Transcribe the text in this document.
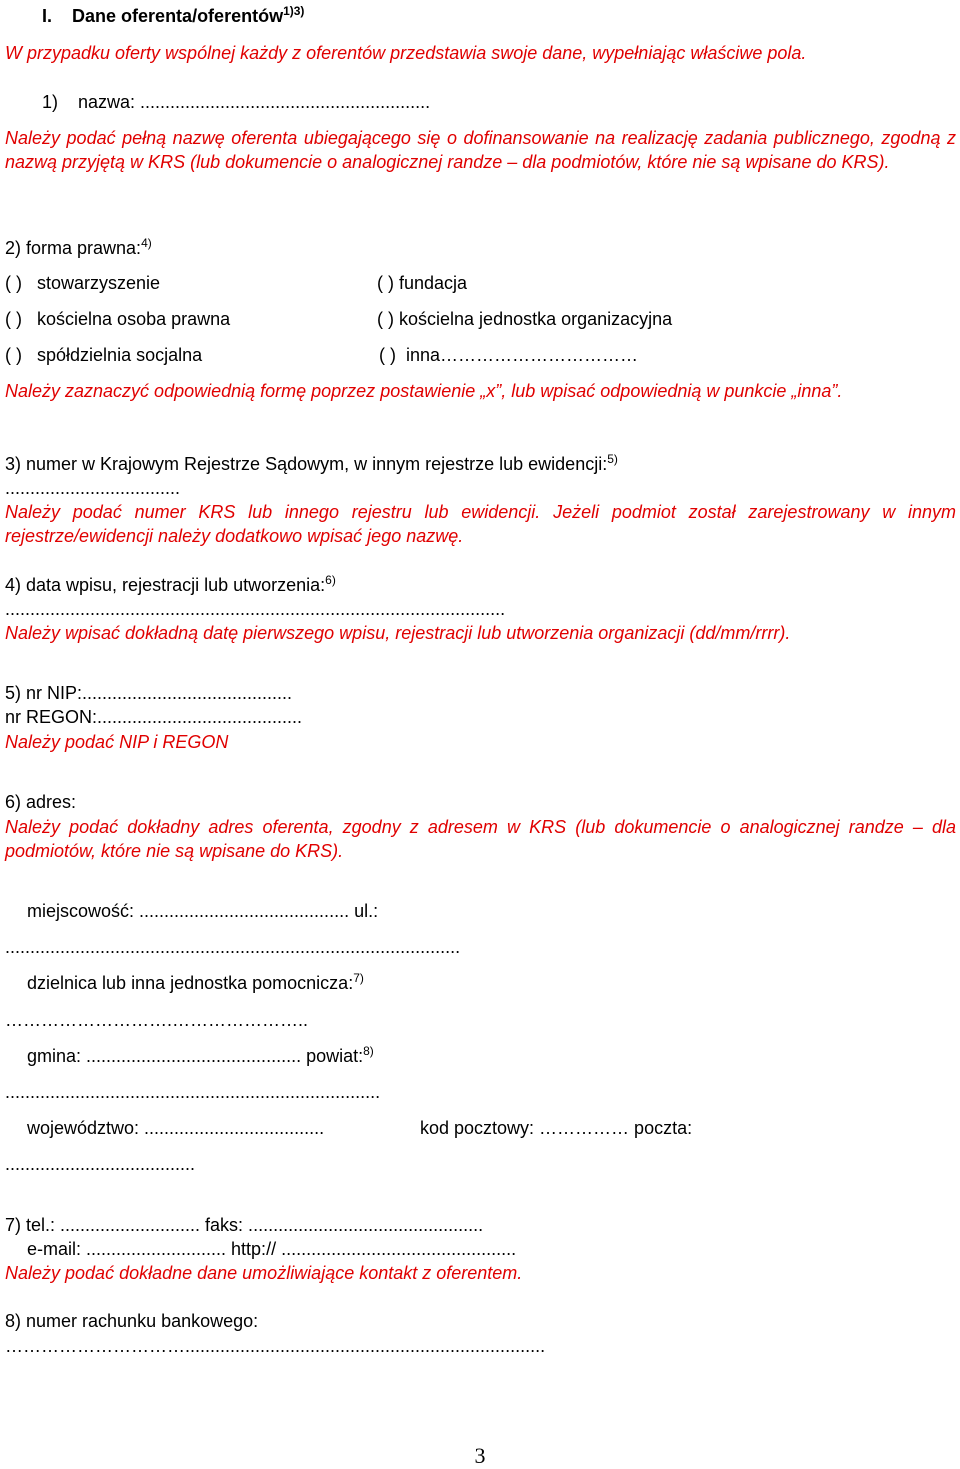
I. Dane oferenta/oferentów$^{1)3)}$
W przypadku oferty wspólnej każdy z oferentów przedstawia swoje dane, wypełniając właściwe pola.
1)    nazwa: ..........................................................
Należy podać pełną nazwę oferenta ubiegającego się o dofinansowanie na realizację zadania publicznego, zgodną z nazwą przyjętą w KRS (lub dokumencie o analogicznej randze – dla podmiotów, które nie są wpisane do KRS).
2) forma prawna:$^{4)}$
( ) stowarzyszenie	( ) fundacja
( ) kościelna osoba prawna	( ) kościelna jednostka organizacyjna
( ) spółdzielnia socjalna	( ) inna……………………………
Należy zaznaczyć odpowiednią formę poprzez postawienie „x”, lub wpisać odpowiednią w punkcie „inna”.
3) numer w Krajowym Rejestrze Sądowym, w innym rejestrze lub ewidencji:$^{5)}$
...................................
Należy podać numer KRS lub innego rejestru lub ewidencji. Jeżeli podmiot został zarejestrowany w innym rejestrze/ewidencji należy dodatkowo wpisać jego nazwę.
4) data wpisu, rejestracji lub utworzenia:$^{6)}$
....................................................................................................
Należy wpisać dokładną datę pierwszego wpisu, rejestracji lub utworzenia organizacji (dd/mm/rrrr).
5) nr NIP:..........................................
nr REGON:.........................................
Należy podać NIP i REGON
6) adres:
Należy podać dokładny adres oferenta, zgodny z adresem w KRS (lub dokumencie o analogicznej randze – dla podmiotów, które nie są wpisane do KRS).
miejscowość: .......................................... ul.:
...........................................................................................
dzielnica lub inna jednostka pomocnicza:$^{7)}$
……………………….…………………..
gmina: ........................................... powiat:$^{8)}$
...........................................................................
województwo: ....................................	kod pocztowy: …………… poczta:
......................................
7) tel.: ............................ faks: ...............................................
e-mail: ............................ http:// ...............................................
Należy podać dokładne dane umożliwiające kontakt z oferentem.
8) numer rachunku bankowego:
…………………………........................................................................
3
